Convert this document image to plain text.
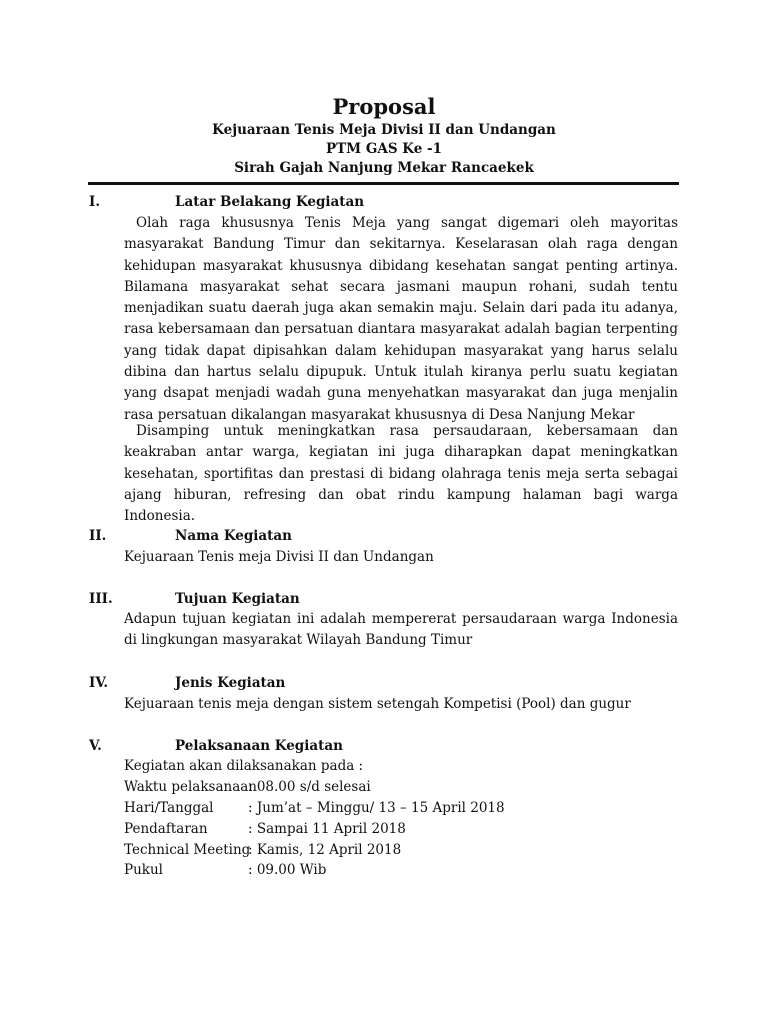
Proposal
Kejuaraan Tenis Meja Divisi II dan Undangan
PTM GAS Ke -1
Sirah Gajah Nanjung Mekar Rancaekek
I.	Latar Belakang Kegiatan

Olah raga khususnya Tenis Meja yang sangat digemari oleh mayoritas masyarakat Bandung Timur dan sekitarnya. Keselarasan olah raga dengan kehidupan masyarakat khususnya dibidang kesehatan sangat penting artinya. Bilamana masyarakat sehat secara jasmani maupun rohani, sudah tentu menjadikan suatu daerah juga akan semakin maju. Selain dari pada itu adanya, rasa kebersamaan dan persatuan diantara masyarakat adalah bagian terpenting yang tidak dapat dipisahkan dalam kehidupan masyarakat yang harus selalu dibina dan hartus selalu dipupuk. Untuk itulah kiranya perlu suatu kegiatan yang dsapat menjadi wadah guna menyehatkan masyarakat dan juga menjalin rasa persatuan dikalangan masyarakat khususnya di Desa Nanjung Mekar

Disamping untuk meningkatkan rasa persaudaraan, kebersamaan dan keakraban antar warga, kegiatan ini juga diharapkan dapat meningkatkan kesehatan, sportifitas dan prestasi di bidang olahraga tenis meja serta sebagai ajang hiburan, refresing dan obat rindu kampung halaman bagi warga Indonesia.

II.	Nama Kegiatan
Kejuaraan Tenis meja Divisi II dan Undangan
III.	Tujuan Kegiatan

Adapun tujuan kegiatan ini adalah mempererat persaudaraan warga Indonesia di lingkungan masyarakat Wilayah Bandung Timur

IV.	Jenis Kegiatan
Kejuaraan tenis meja dengan sistem setengah Kompetisi (Pool) dan gugur
V.	Pelaksanaan Kegiatan
Kegiatan akan dilaksanakan pada :
Waktu pelaksanaan: 08.00 s/d selesai
Hari/Tanggal	: Jum’at – Minggu/ 13 – 15 April 2018
Pendaftaran	: Sampai 11 April 2018
Technical Meeting: Kamis, 12 April 2018
Pukul	: 09.00 Wib
